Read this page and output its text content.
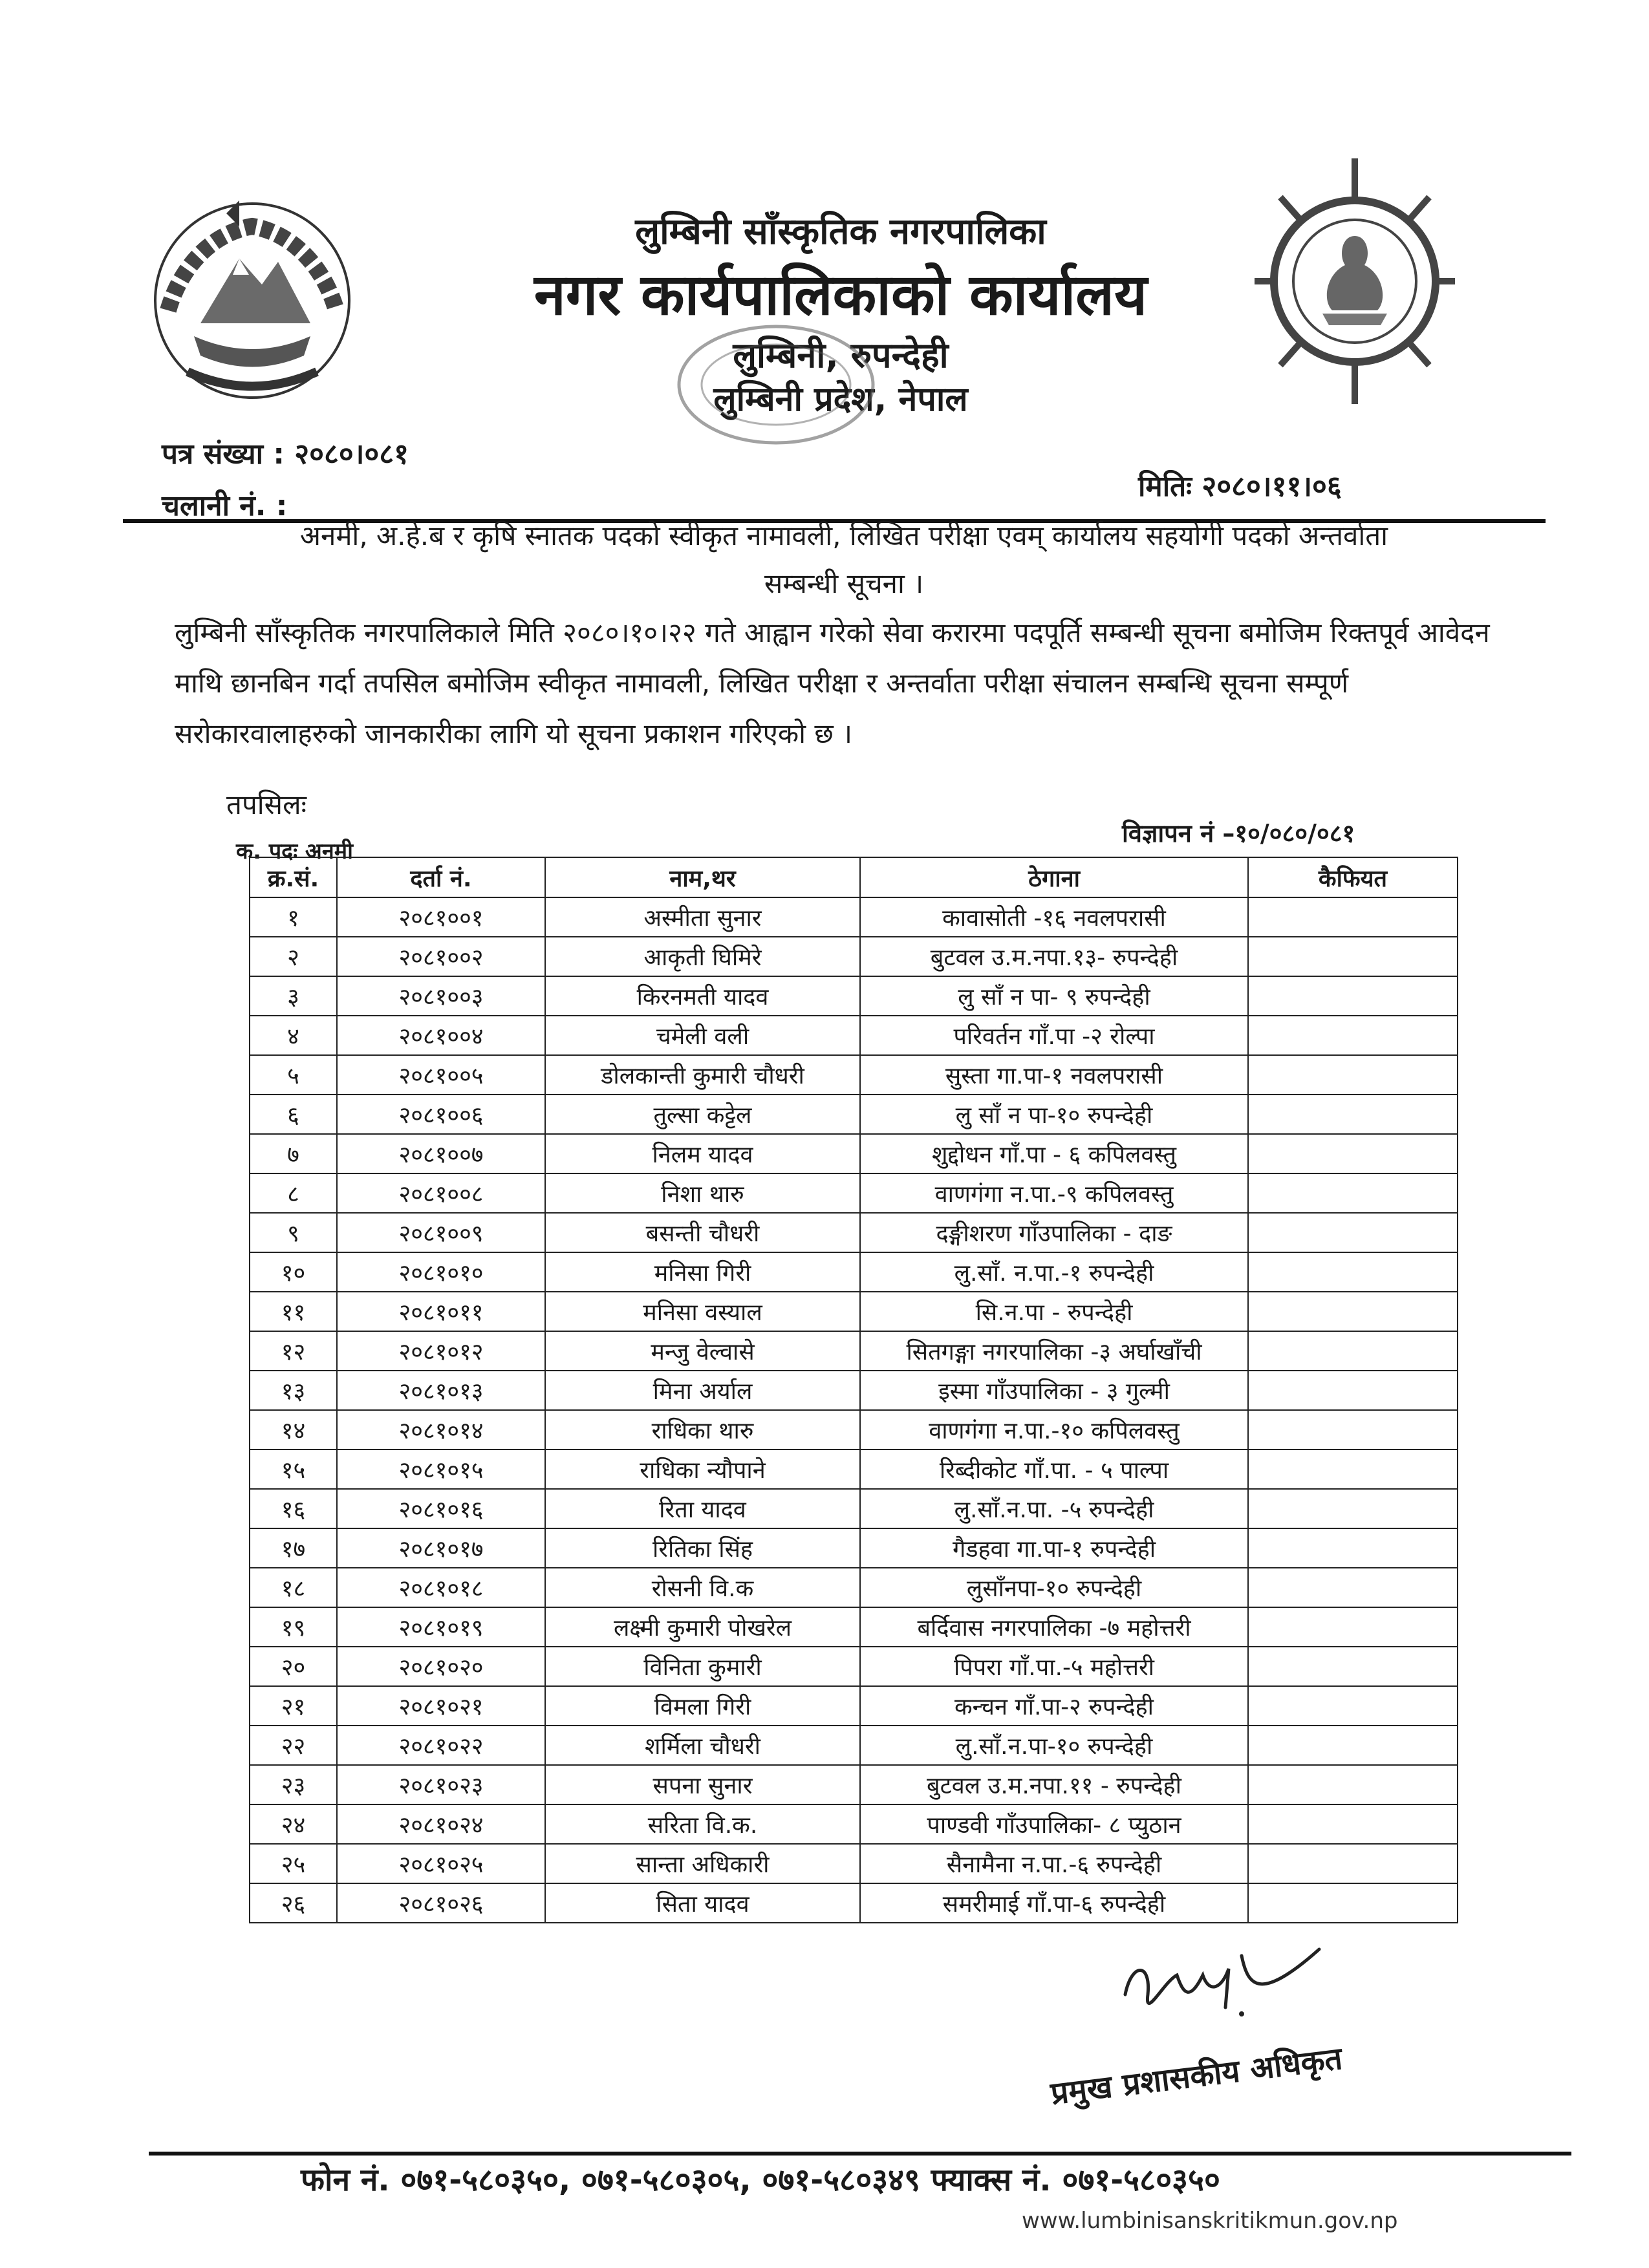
लुम्बिनी साँस्कृतिक नगरपालिका
नगर कार्यपालिकाको कार्यालय
लुम्बिनी, रुपन्देही
लुम्बिनी प्रदेश, नेपाल
पत्र संख्या : २०८०।०८१
चलानी नं. :
मितिः २०८०।११।०६
अनमी, अ.हे.ब र कृषि स्नातक पदको स्वीकृत नामावली, लिखित परीक्षा एवम् कार्यालय सहयोगी पदको अन्तर्वाता
सम्बन्धी सूचना ।
लुम्बिनी साँस्कृतिक नगरपालिकाले मिति २०८०।१०।२२ गते आह्वान गरेको सेवा करारमा पदपूर्ति सम्बन्धी सूचना बमोजिम रिक्तपूर्व आवेदन माथि छानबिन गर्दा तपसिल बमोजिम स्वीकृत नामावली, लिखित परीक्षा र अन्तर्वाता परीक्षा संचालन सम्बन्धि सूचना सम्पूर्ण सरोकारवालाहरुको जानकारीका लागि यो सूचना प्रकाशन गरिएको छ ।
तपसिलः
क. पदः अनमी
विज्ञापन नं –१०/०८०/०८१
क्र.सं.	दर्ता नं.	नाम,थर	ठेगाना	कैफियत
१	२०८१००१	अस्मीता सुनार	कावासोती -१६ नवलपरासी	
२	२०८१००२	आकृती घिमिरे	बुटवल उ.म.नपा.१३- रुपन्देही	
३	२०८१००३	किरनमती यादव	लु साँ न पा- ९ रुपन्देही	
४	२०८१००४	चमेली वली	परिवर्तन गाँ.पा -२ रोल्पा	
५	२०८१००५	डोलकान्ती कुमारी चौधरी	सुस्ता गा.पा-१ नवलपरासी	
६	२०८१००६	तुल्सा कट्टेल	लु साँ न पा-१० रुपन्देही	
७	२०८१००७	निलम यादव	शुद्दोधन गाँ.पा - ६ कपिलवस्तु	
८	२०८१००८	निशा थारु	वाणगंगा न.पा.-९ कपिलवस्तु	
९	२०८१००९	बसन्ती चौधरी	दङ्गीशरण गाँउपालिका - दाङ	
१०	२०८१०१०	मनिसा गिरी	लु.साँ. न.पा.-१ रुपन्देही	
११	२०८१०११	मनिसा वस्याल	सि.न.पा - रुपन्देही	
१२	२०८१०१२	मन्जु वेल्वासे	सितगङ्गा नगरपालिका -३ अर्घाखाँची	
१३	२०८१०१३	मिना अर्याल	इस्मा गाँउपालिका - ३ गुल्मी	
१४	२०८१०१४	राधिका थारु	वाणगंगा न.पा.-१० कपिलवस्तु	
१५	२०८१०१५	राधिका न्यौपाने	रिब्दीकोट गाँ.पा. - ५ पाल्पा	
१६	२०८१०१६	रिता यादव	लु.साँ.न.पा. -५ रुपन्देही	
१७	२०८१०१७	रितिका सिंह	गैडहवा गा.पा-१ रुपन्देही	
१८	२०८१०१८	रोसनी वि.क	लुसाँनपा-१० रुपन्देही	
१९	२०८१०१९	लक्ष्मी कुमारी पोखरेल	बर्दिवास नगरपालिका -७ महोत्तरी	
२०	२०८१०२०	विनिता कुमारी	पिपरा गाँ.पा.-५ महोत्तरी	
२१	२०८१०२१	विमला गिरी	कन्चन गाँ.पा-२ रुपन्देही	
२२	२०८१०२२	शर्मिला चौधरी	लु.साँ.न.पा-१० रुपन्देही	
२३	२०८१०२३	सपना सुनार	बुटवल उ.म.नपा.११ - रुपन्देही	
२४	२०८१०२४	सरिता वि.क.	पाण्डवी गाँउपालिका- ८ प्युठान	
२५	२०८१०२५	सान्ता अधिकारी	सैनामैना न.पा.-६ रुपन्देही	
२६	२०८१०२६	सिता यादव	समरीमाई गाँ.पा-६ रुपन्देही	
प्रमुख प्रशासकीय अधिकृत
फोन नं. ०७१-५८०३५०, ०७१-५८०३०५, ०७१-५८०३४९ फ्याक्स नं. ०७१-५८०३५०
www.lumbinisanskritikmun.gov.np
